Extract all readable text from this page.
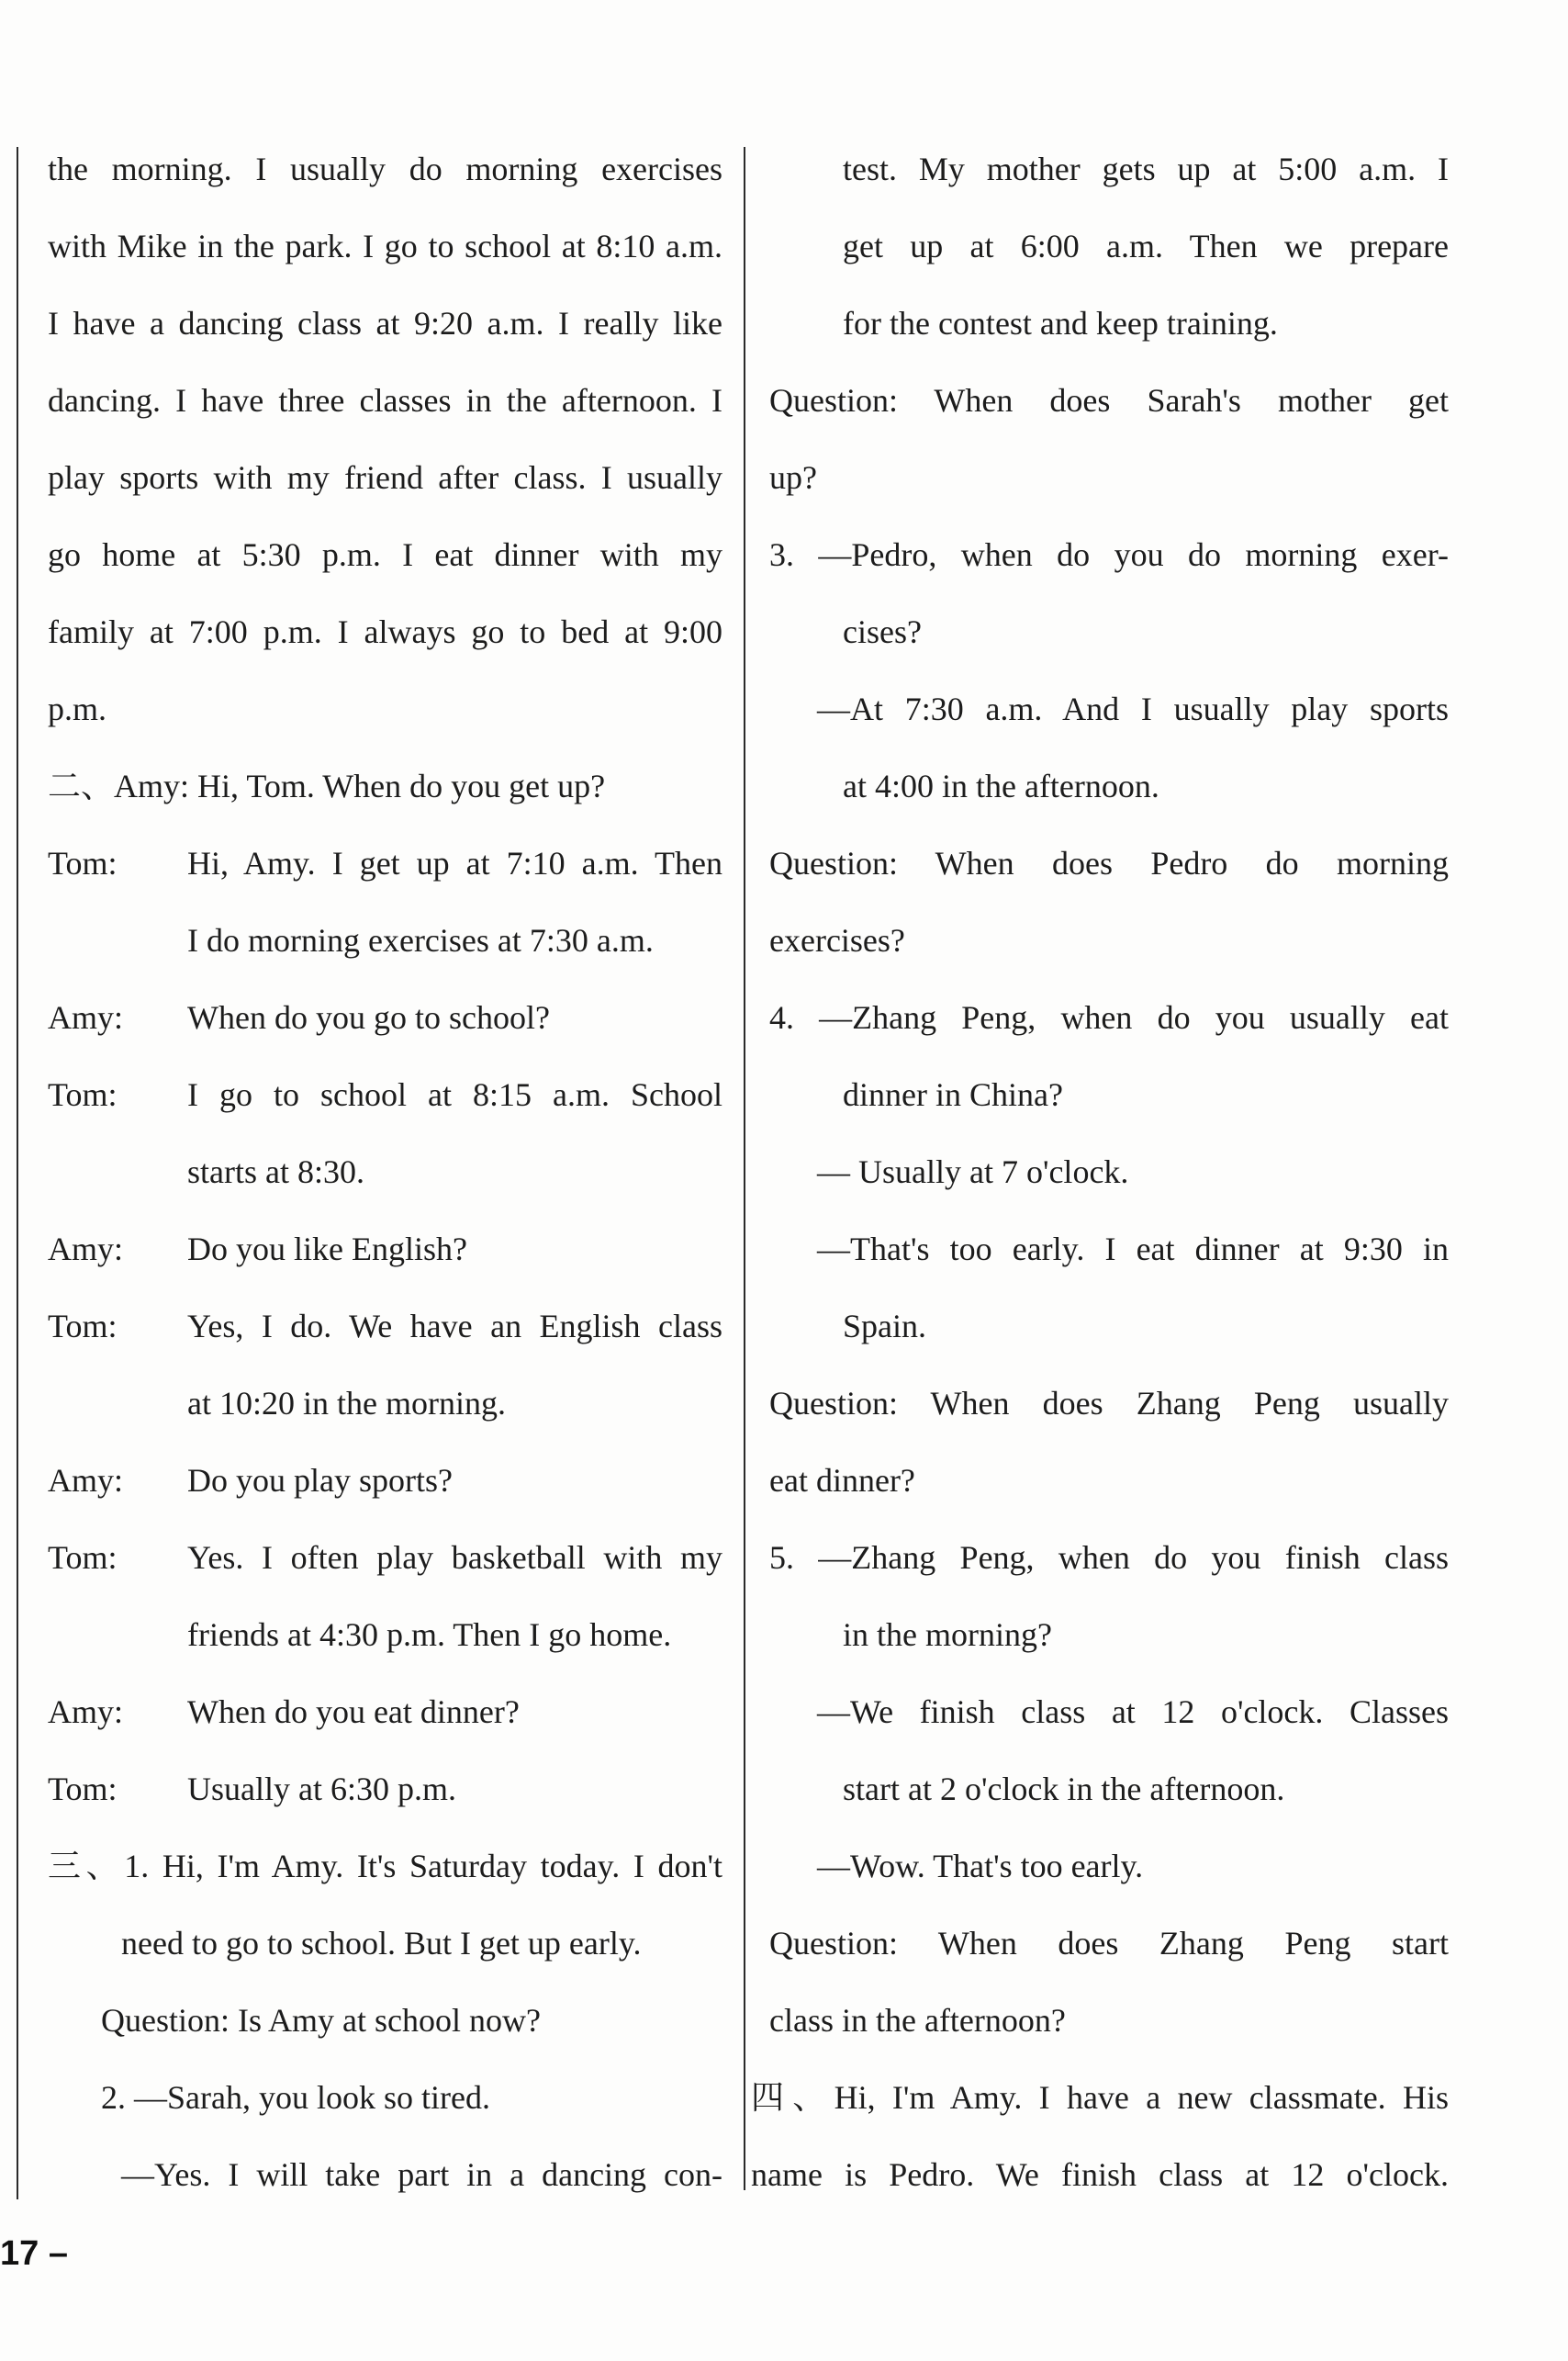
the morning. I usually do morning exercises
with Mike in the park. I go to school at 8:10 a.m.
I have a dancing class at 9:20 a.m. I really like
dancing. I have three classes in the afternoon. I
play sports with my friend after class. I usually
go home at 5:30 p.m. I eat dinner with my
family at 7:00 p.m. I always go to bed at 9:00
p.m.
二、Amy: Hi, Tom. When do you get up?
Tom:	Hi, Amy. I get up at 7:10 a.m. Then
I do morning exercises at 7:30 a.m.
Amy:	When do you go to school?
Tom:	I go to school at 8:15 a.m. School
starts at 8:30.
Amy:	Do you like English?
Tom:	Yes, I do. We have an English class
at 10:20 in the morning.
Amy:	Do you play sports?
Tom:	Yes. I often play basketball with my
friends at 4:30 p.m. Then I go home.
Amy:	When do you eat dinner?
Tom:	Usually at 6:30 p.m.
三、1. Hi, I'm Amy. It's Saturday today. I don't
need to go to school. But I get up early.
Question: Is Amy at school now?
2. —Sarah, you look so tired.
—Yes. I will take part in a dancing con-
test. My mother gets up at 5:00 a.m. I
get up at 6:00 a.m. Then we prepare
for the contest and keep training.
Question: When does Sarah's mother get
up?
3. —Pedro, when do you do morning exer-
cises?
—At 7:30 a.m. And I usually play sports
at 4:00 in the afternoon.
Question: When does Pedro do morning
exercises?
4. —Zhang Peng, when do you usually eat
dinner in China?
— Usually at 7 o'clock.
—That's too early. I eat dinner at 9:30 in
Spain.
Question: When does Zhang Peng usually
eat dinner?
5. —Zhang Peng, when do you finish class
in the morning?
—We finish class at 12 o'clock. Classes
start at 2 o'clock in the afternoon.
—Wow. That's too early.
Question: When does Zhang Peng start
class in the afternoon?
四、Hi, I'm Amy. I have a new classmate. His
name is Pedro. We finish class at 12 o'clock.
17 –
